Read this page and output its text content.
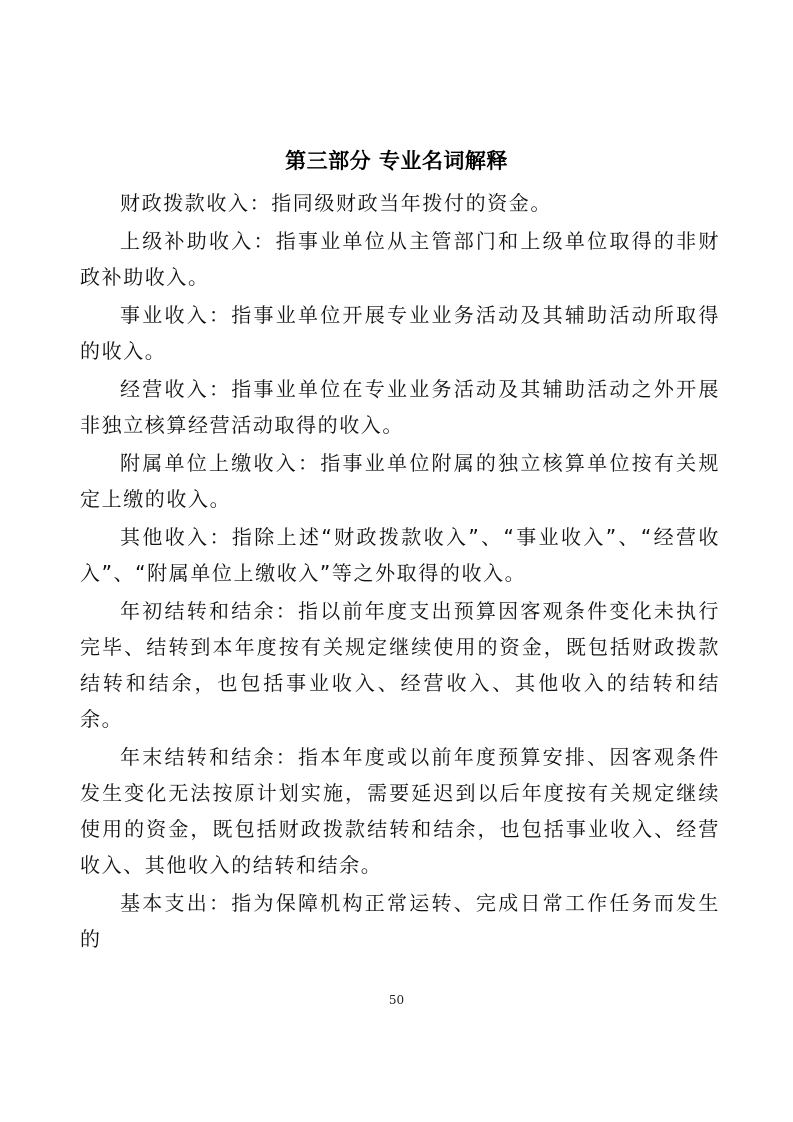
第三部分 专业名词解释

财政拨款收入：指同级财政当年拨付的资金。

上级补助收入：指事业单位从主管部门和上级单位取得的非财政补助收入。

事业收入：指事业单位开展专业业务活动及其辅助活动所取得的收入。

经营收入：指事业单位在专业业务活动及其辅助活动之外开展非独立核算经营活动取得的收入。

附属单位上缴收入：指事业单位附属的独立核算单位按有关规定上缴的收入。

其他收入：指除上述“财政拨款收入”、“事业收入”、“经营收入”、“附属单位上缴收入”等之外取得的收入。

年初结转和结余：指以前年度支出预算因客观条件变化未执行完毕、结转到本年度按有关规定继续使用的资金，既包括财政拨款结转和结余，也包括事业收入、经营收入、其他收入的结转和结余。

年末结转和结余：指本年度或以前年度预算安排、因客观条件发生变化无法按原计划实施，需要延迟到以后年度按有关规定继续使用的资金，既包括财政拨款结转和结余，也包括事业收入、经营收入、其他收入的结转和结余。

基本支出：指为保障机构正常运转、完成日常工作任务而发生的

50
